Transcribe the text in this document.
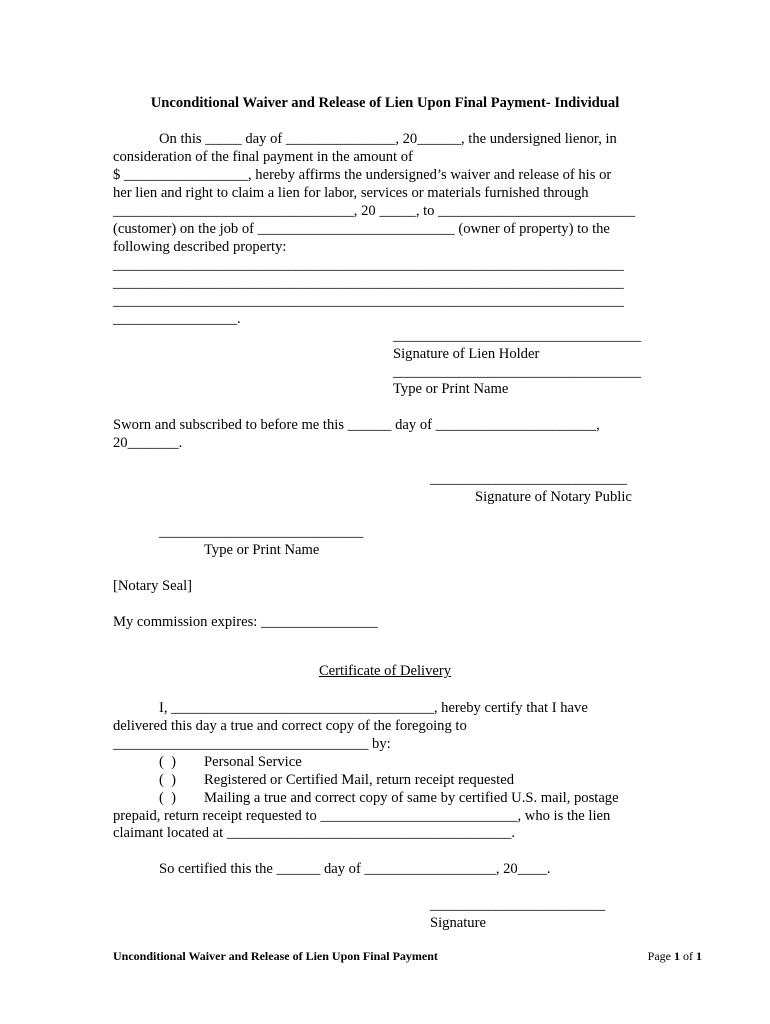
Unconditional Waiver and Release of Lien Upon Final Payment- Individual
On this _____ day of _______________, 20______, the undersigned lienor, in
consideration of the final payment in the amount of
$ _________________, hereby affirms the undersigned’s waiver and release of his or
her lien and right to claim a lien for labor, services or materials furnished through
_________________________________, 20 _____, to ___________________________
(customer) on the job of ___________________________ (owner of property) to the
following described property:
______________________________________________________________________
______________________________________________________________________
______________________________________________________________________
_________________.
__________________________________
Signature of Lien Holder
__________________________________
Type or Print Name
Sworn and subscribed to before me this ______ day of ______________________,
20_______.
___________________________
Signature of Notary Public
____________________________
Type or Print Name
[Notary Seal]
My commission expires: ________________
Certificate of Delivery
I, ____________________________________, hereby certify that I have
delivered this day a true and correct copy of the foregoing to
___________________________________ by:
(  ) Personal Service
(  ) Registered or Certified Mail, return receipt requested
(  ) Mailing a true and correct copy of same by certified U.S. mail, postage
prepaid, return receipt requested to ___________________________, who is the lien
claimant located at _______________________________________.
So certified this the ______ day of __________________, 20____.
________________________
Signature
Unconditional Waiver and Release of Lien Upon Final Payment	Page 1 of 1
